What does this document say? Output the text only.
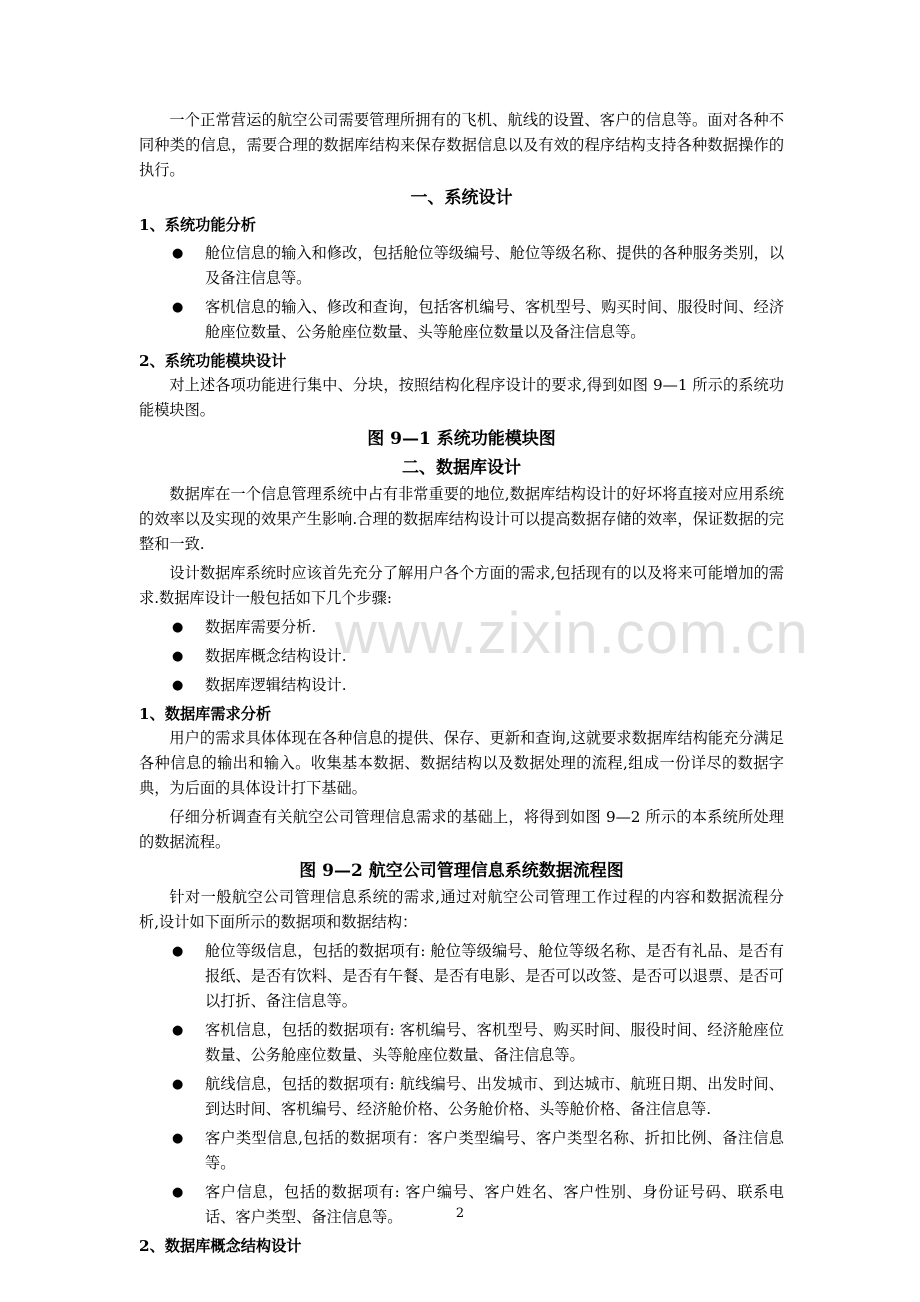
www.zixin.com.cn

一个正常营运的航空公司需要管理所拥有的飞机、航线的设置、客户的信息等。面对各种不同种类的信息，需要合理的数据库结构来保存数据信息以及有效的程序结构支持各种数据操作的执行。

一、系统设计

1、系统功能分析

● 舱位信息的输入和修改，包括舱位等级编号、舱位等级名称、提供的各种服务类别，以及备注信息等。
● 客机信息的输入、修改和查询，包括客机编号、客机型号、购买时间、服役时间、经济舱座位数量、公务舱座位数量、头等舱座位数量以及备注信息等。

2、系统功能模块设计

对上述各项功能进行集中、分块，按照结构化程序设计的要求,得到如图 9—1 所示的系统功能模块图。

图 9—1 系统功能模块图

二、数据库设计

数据库在一个信息管理系统中占有非常重要的地位,数据库结构设计的好坏将直接对应用系统的效率以及实现的效果产生影响.合理的数据库结构设计可以提高数据存储的效率，保证数据的完整和一致.

设计数据库系统时应该首先充分了解用户各个方面的需求,包括现有的以及将来可能增加的需求.数据库设计一般包括如下几个步骤:

● 数据库需要分析.
● 数据库概念结构设计.
● 数据库逻辑结构设计.

1、数据库需求分析

用户的需求具体体现在各种信息的提供、保存、更新和查询,这就要求数据库结构能充分满足各种信息的输出和输入。收集基本数据、数据结构以及数据处理的流程,组成一份详尽的数据字典，为后面的具体设计打下基础。

仔细分析调查有关航空公司管理信息需求的基础上，将得到如图 9—2 所示的本系统所处理的数据流程。

图 9—2 航空公司管理信息系统数据流程图

针对一般航空公司管理信息系统的需求,通过对航空公司管理工作过程的内容和数据流程分析,设计如下面所示的数据项和数据结构：

● 舱位等级信息，包括的数据项有: 舱位等级编号、舱位等级名称、是否有礼品、是否有报纸、是否有饮料、是否有午餐、是否有电影、是否可以改签、是否可以退票、是否可以打折、备注信息等。
● 客机信息，包括的数据项有: 客机编号、客机型号、购买时间、服役时间、经济舱座位数量、公务舱座位数量、头等舱座位数量、备注信息等。
● 航线信息，包括的数据项有: 航线编号、出发城市、到达城市、航班日期、出发时间、到达时间、客机编号、经济舱价格、公务舱价格、头等舱价格、备注信息等.
● 客户类型信息,包括的数据项有：客户类型编号、客户类型名称、折扣比例、备注信息等。
● 客户信息，包括的数据项有: 客户编号、客户姓名、客户性别、身份证号码、联系电话、客户类型、备注信息等。

2、数据库概念结构设计

2
